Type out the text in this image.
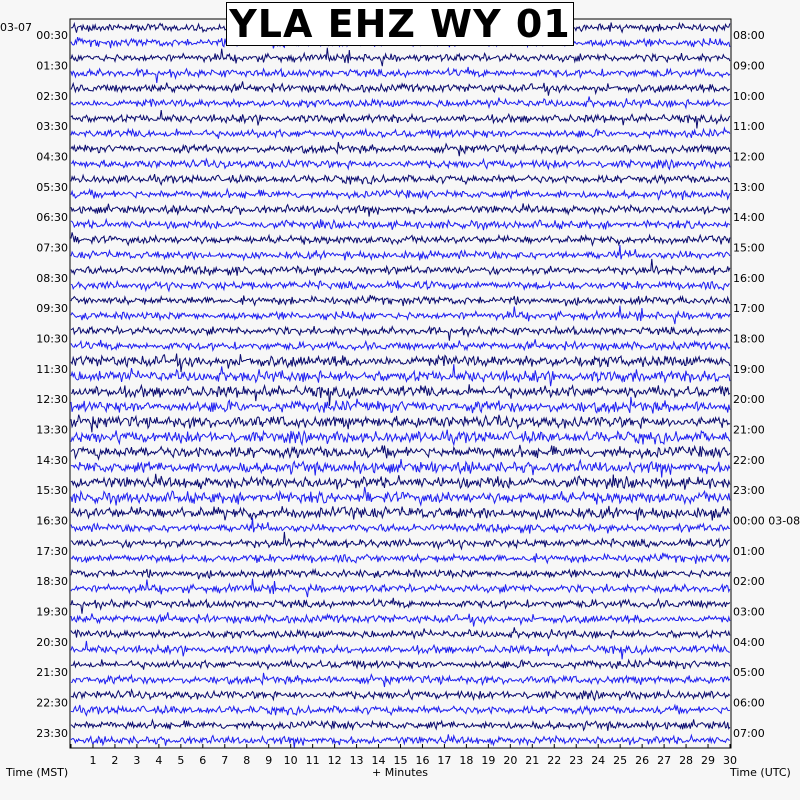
00:30
01:30
02:30
03:30
04:30
05:30
06:30
07:30
08:30
09:30
10:30
11:30
12:30
13:30
14:30
15:30
16:30
17:30
18:30
19:30
20:30
21:30
22:30
23:30
08:00
09:00
10:00
11:00
12:00
13:00
14:00
15:00
16:00
17:00
18:00
19:00
20:00
21:00
22:00
23:00
00:00 03-08
01:00
02:00
03:00
04:00
05:00
06:00
07:00
1 2 3 4 5 6 7 8 9 10 11 12 13 14 15 16 17 18 19 20 21 22 23 24 25 26 27 28 29 30
YLA EHZ WY 01
03-07
Time (MST)	+ Minutes	Time (UTC)
